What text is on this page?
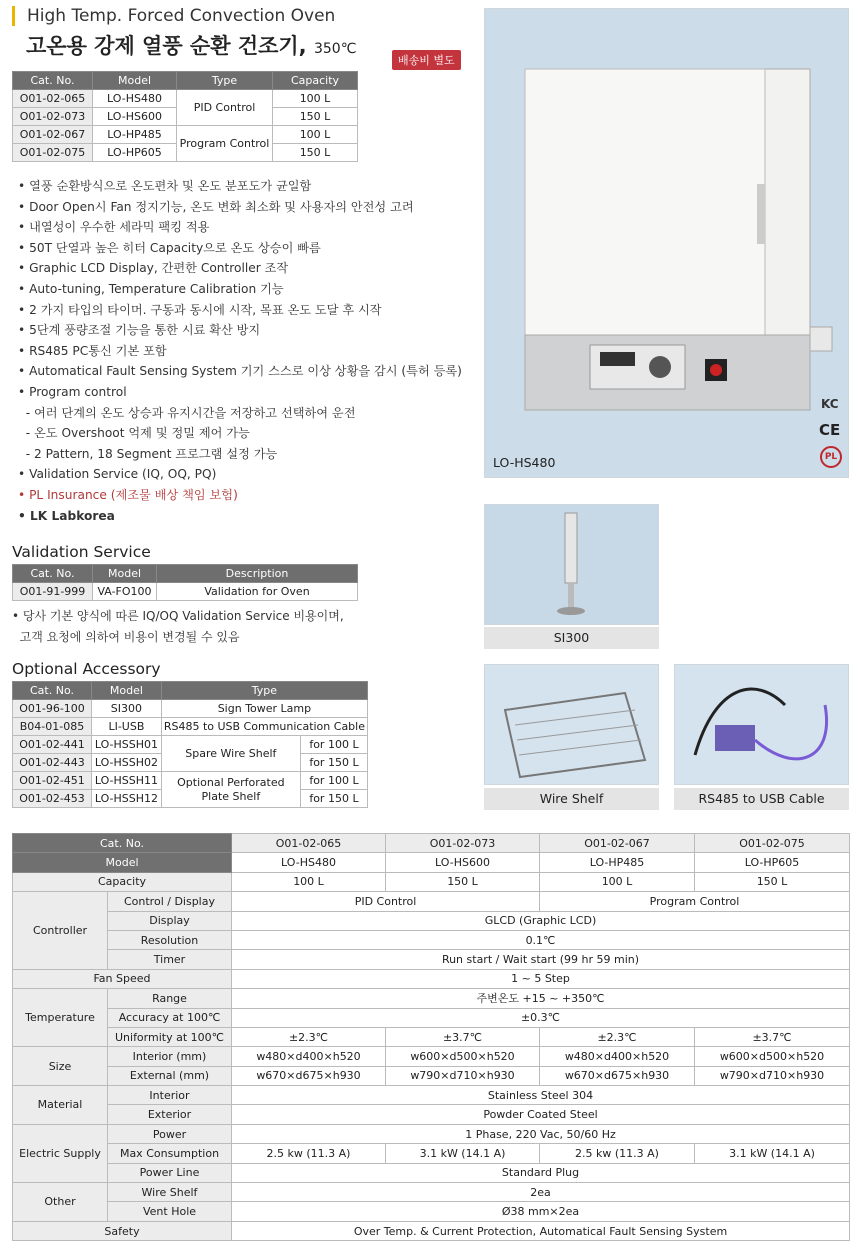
High Temp. Forced Convection Oven
고온용 강제 열풍 순환 건조기, 350℃
배송비 별도
Cat. No.	Model	Type	Capacity
O01-02-065	LO-HS480	PID Control	100 L
O01-02-073	LO-HS600		150 L
O01-02-067	LO-HP485	Program Control	100 L
O01-02-075	LO-HP605		150 L
• 열풍 순환방식으로 온도편차 및 온도 분포도가 균일함
• Door Open시 Fan 정지기능, 온도 변화 최소화 및 사용자의 안전성 고려
• 내열성이 우수한 세라믹 팩킹 적용
• 50T 단열과 높은 히터 Capacity으로 온도 상승이 빠름
• Graphic LCD Display, 간편한 Controller 조작
• Auto-tuning, Temperature Calibration 기능
• 2 가지 타입의 타이머. 구동과 동시에 시작, 목표 온도 도달 후 시작
• 5단계 풍량조절 기능을 통한 시료 확산 방지
• RS485 PC통신 기본 포함
• Automatical Fault Sensing System 기기 스스로 이상 상황을 감시 (특허 등록)
• Program control
- 여러 단계의 온도 상승과 유지시간을 저장하고 선택하여 운전
- 온도 Overshoot 억제 및 정밀 제어 가능
- 2 Pattern, 18 Segment 프로그램 설정 가능
• Validation Service (IQ, OQ, PQ)
• PL Insurance (제조물 배상 책임 보험)
• LK Labkorea
LO-HS480
KC
CE
PL
Validation Service
Cat. No.	Model	Description
O01-91-999	VA-FO100	Validation for Oven
• 당사 기본 양식에 따른 IQ/OQ Validation Service 비용이며,
고객 요청에 의하여 비용이 변경될 수 있음
Optional Accessory
Cat. No.	Model	Type	
O01-96-100	SI300	Sign Tower Lamp	
B04-01-085	LI-USB	RS485 to USB Communication Cable	
O01-02-441	LO-HSSH01	Spare Wire Shelf	for 100 L
O01-02-443	LO-HSSH02		for 150 L
O01-02-451	LO-HSSH11	Optional Perforated
Plate Shelf	for 100 L
O01-02-453	LO-HSSH12		for 150 L
SI300
Wire Shelf	RS485 to USB Cable
Cat. No.		O01-02-065	O01-02-073	O01-02-067	O01-02-075
Model		LO-HS480	LO-HS600	LO-HP485	LO-HP605
Capacity		100 L	150 L	100 L	150 L
Controller	Control / Display	PID Control		Program Control	
	Display	GLCD (Graphic LCD)			
	Resolution	0.1℃			
	Timer	Run start / Wait start (99 hr 59 min)			
Fan Speed		1 ~ 5 Step			
Temperature	Range	주변온도 +15 ~ +350℃			
	Accuracy at 100℃	±0.3℃			
	Uniformity at 100℃	±2.3℃	±3.7℃	±2.3℃	±3.7℃
Size	Interior (mm)	w480×d400×h520	w600×d500×h520	w480×d400×h520	w600×d500×h520
	External (mm)	w670×d675×h930	w790×d710×h930	w670×d675×h930	w790×d710×h930
Material	Interior	Stainless Steel 304			
	Exterior	Powder Coated Steel			
Electric Supply	Power	1 Phase, 220 Vac, 50/60 Hz			
	Max Consumption	2.5 kw (11.3 A)	3.1 kW (14.1 A)	2.5 kw (11.3 A)	3.1 kW (14.1 A)
	Power Line	Standard Plug			
Other	Wire Shelf	2ea			
	Vent Hole	Ø38 mm×2ea			
Safety		Over Temp. & Current Protection, Automatical Fault Sensing System			
